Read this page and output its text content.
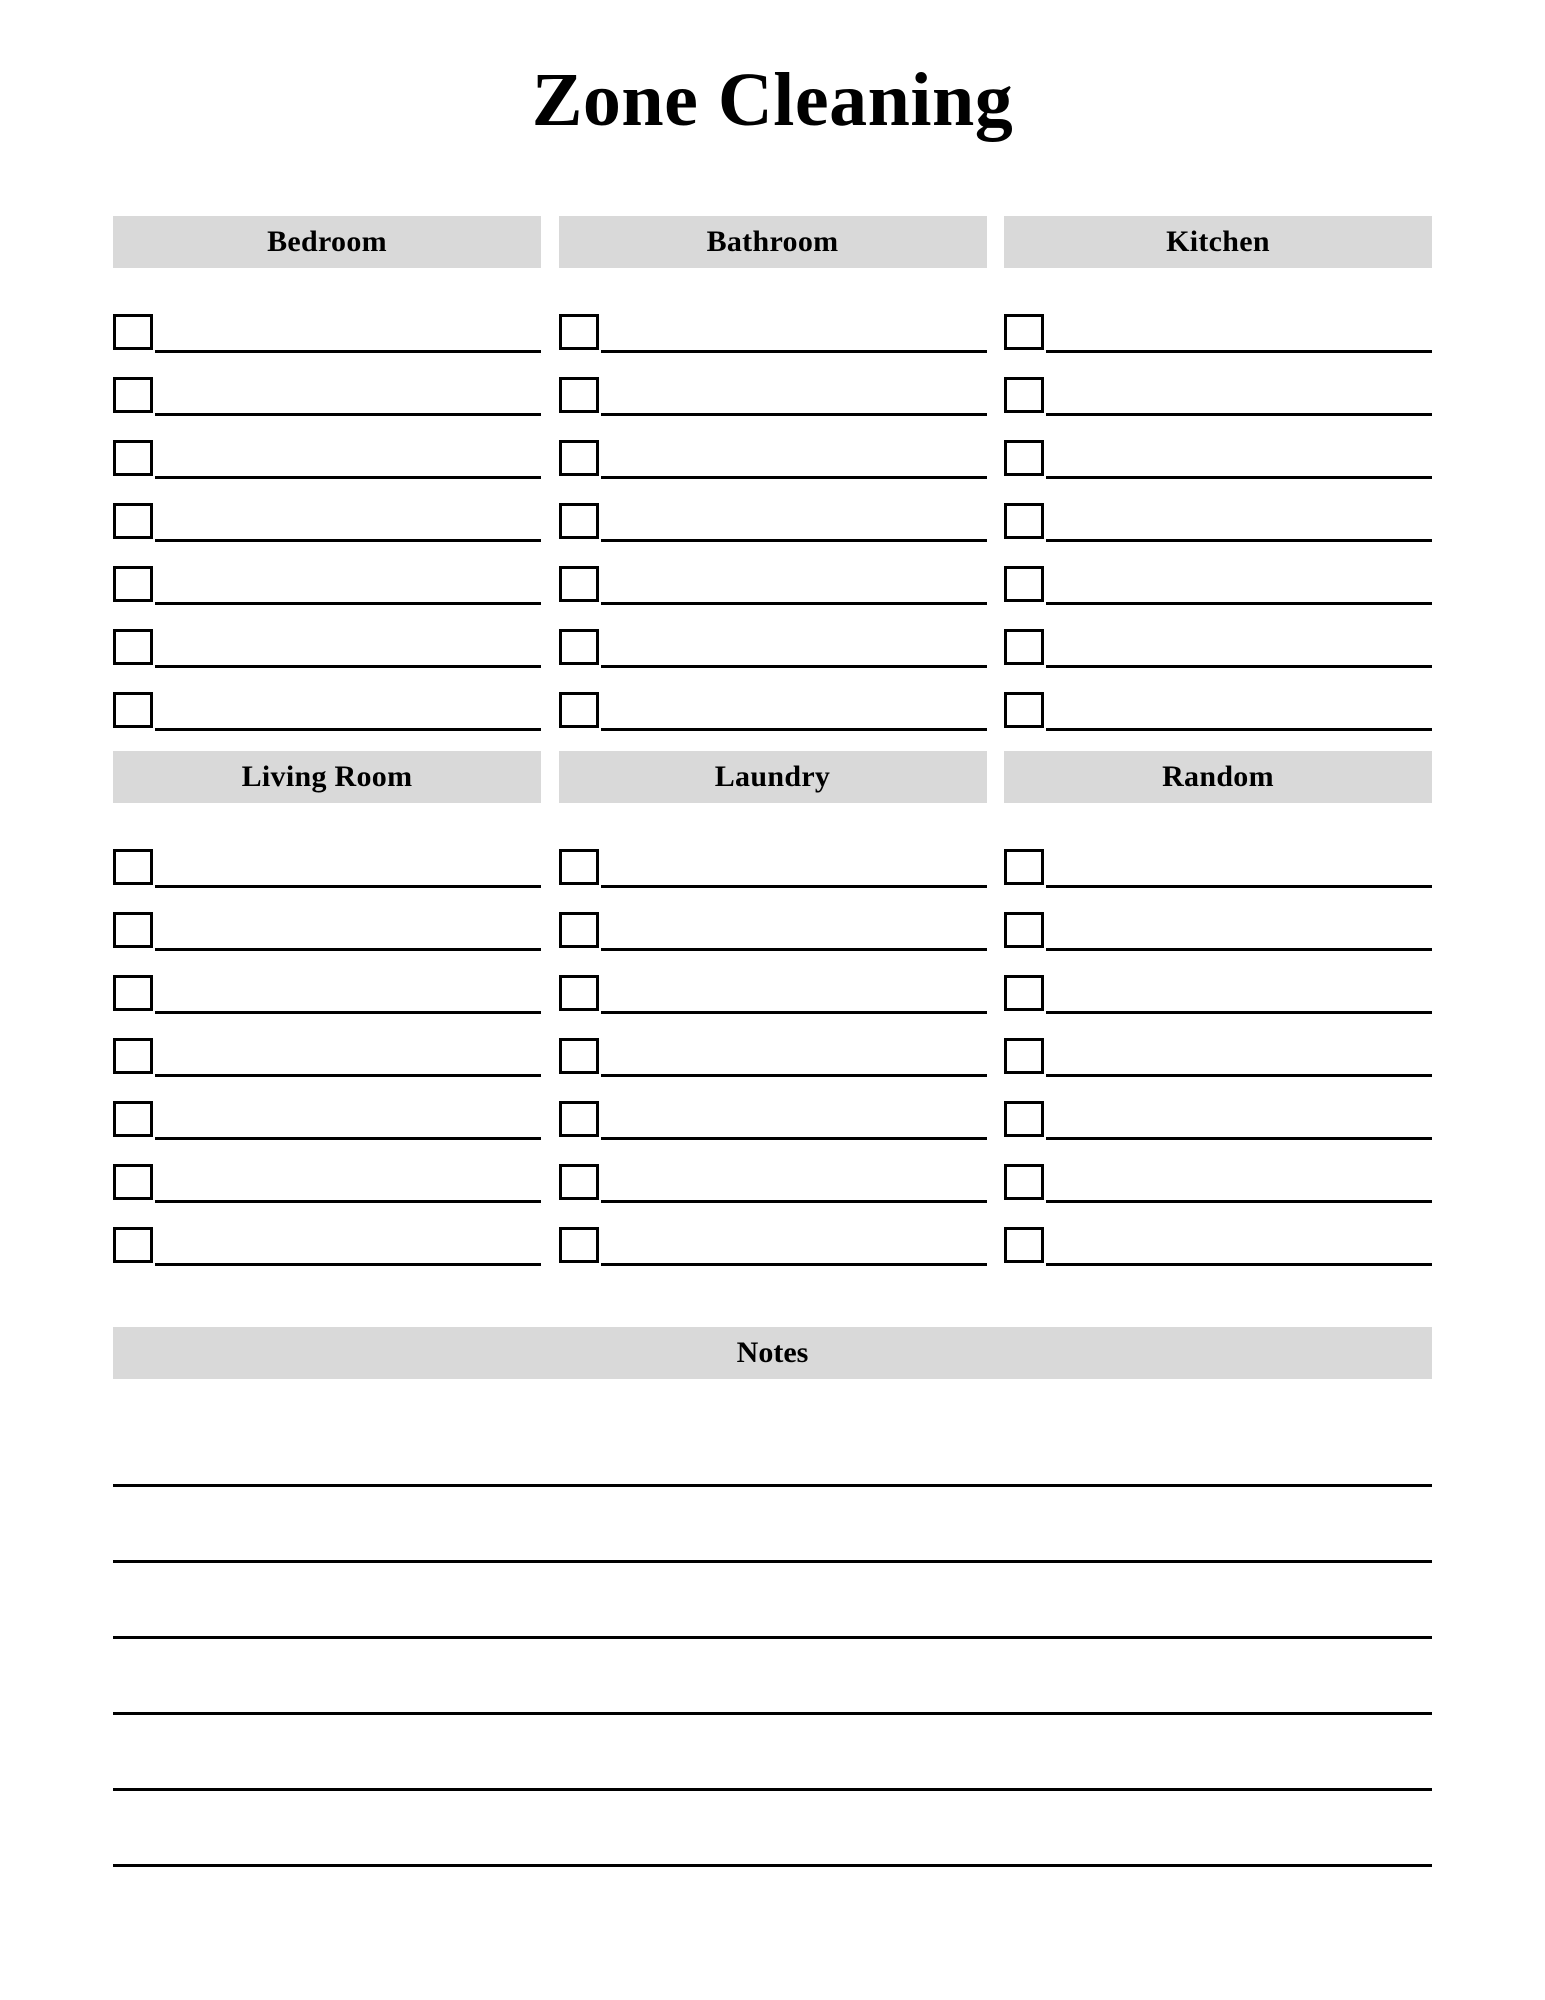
Zone Cleaning
Bedroom	Bathroom	Kitchen
Living Room	Laundry	Random
Notes
